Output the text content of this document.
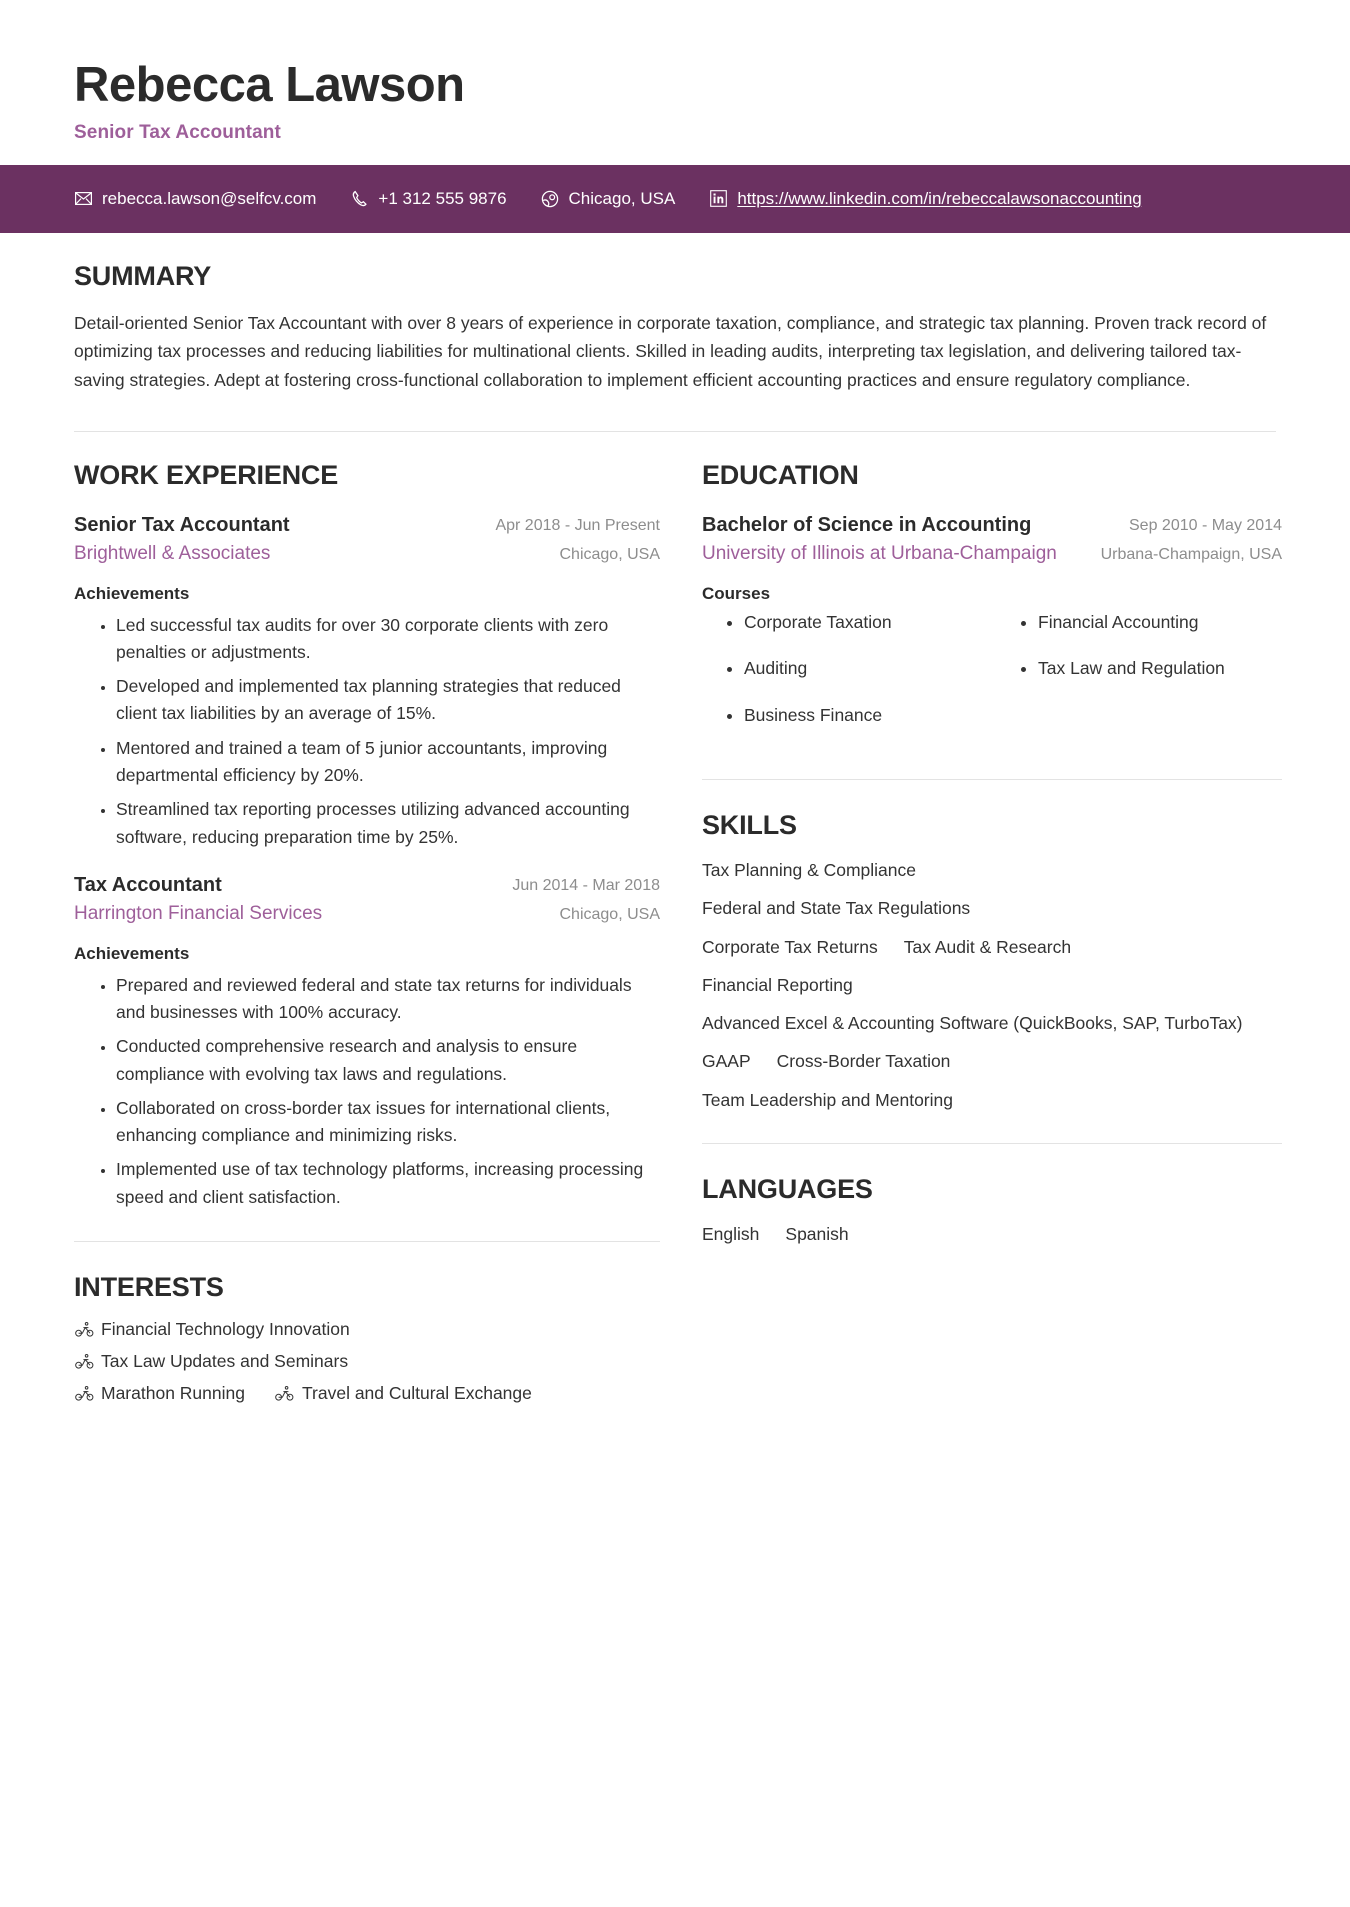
Rebecca Lawson
Senior Tax Accountant
rebecca.lawson@selfcv.com	+1 312 555 9876	Chicago, USA	https://www.linkedin.com/in/rebeccalawsonaccounting
SUMMARY

Detail-oriented Senior Tax Accountant with over 8 years of experience in corporate taxation, compliance, and strategic tax planning. Proven track record of optimizing tax processes and reducing liabilities for multinational clients. Skilled in leading audits, interpreting tax legislation, and delivering tailored tax-saving strategies. Adept at fostering cross-functional collaboration to implement efficient accounting practices and ensure regulatory compliance.

WORK EXPERIENCE
Senior Tax Accountant	Apr 2018 - Jun Present
Brightwell & Associates	Chicago, USA
Achievements
• Led successful tax audits for over 30 corporate clients with zero penalties or adjustments.
• Developed and implemented tax planning strategies that reduced client tax liabilities by an average of 15%.
• Mentored and trained a team of 5 junior accountants, improving departmental efficiency by 20%.
• Streamlined tax reporting processes utilizing advanced accounting software, reducing preparation time by 25%.
Tax Accountant	Jun 2014 - Mar 2018
Harrington Financial Services	Chicago, USA
Achievements
• Prepared and reviewed federal and state tax returns for individuals and businesses with 100% accuracy.
• Conducted comprehensive research and analysis to ensure compliance with evolving tax laws and regulations.
• Collaborated on cross-border tax issues for international clients, enhancing compliance and minimizing risks.
• Implemented use of tax technology platforms, increasing processing speed and client satisfaction.
INTERESTS
Financial Technology Innovation
Tax Law Updates and Seminars
Marathon Running	Travel and Cultural Exchange
EDUCATION
Bachelor of Science in Accounting	Sep 2010 - May 2014
University of Illinois at Urbana-Champaign	Urbana-Champaign, USA
Courses
• Corporate Taxation
• Auditing
• Business Finance
• Financial Accounting
• Tax Law and Regulation
SKILLS
Tax Planning & Compliance
Federal and State Tax Regulations
Corporate Tax Returns Tax Audit & Research
Financial Reporting
Advanced Excel & Accounting Software (QuickBooks, SAP, TurboTax)
GAAP Cross-Border Taxation
Team Leadership and Mentoring
LANGUAGES
English Spanish
